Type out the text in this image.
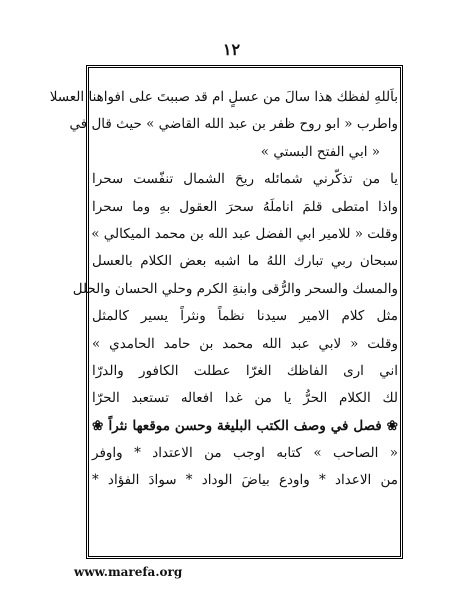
١٢
باَللهِ لفظك هذا سالَ من عسلٍ ام قد صببتَ على افواهنا العسلا
واطرب « ابو روح ظفر بن عبد الله القاضي » حيث قال في
« ابي الفتح البستي »
يا من تذكّرني شمائله ريحَ الشمال تنفّست سحرا
واذا امتطى قلمَ اناملَهُ سحرَ العقول بهِ وما سحرا
وقلت « للامير ابي الفضل عبد الله بن محمد الميكالي »
سبحان ربي تبارك اللهُ ما اشبه بعض الكلام بالعسل
والمسك والسحر والرُّقى وابنةِ الكرم وحلي الحسان والحلل
مثل كلام الامير سيدنا نظماً ونثراً يسير كالمثل
وقلت « لابي عبد الله محمد بن حامد الحامدي »
اني ارى الفاظك الغرّا عطلت الكافور والدرّا
لك الكلام الحرُّ يا من غدا افعاله تستعبد الحرّا
❀ فصل في وصف الكتب البليغة وحسن موقعها نثراً ❀
« الصاحب » كتابه اوجب من الاعتداد * واوفر
من الاعداد * واودع بياضَ الوداد * سوادَ الفؤاد *
www.marefa.org
